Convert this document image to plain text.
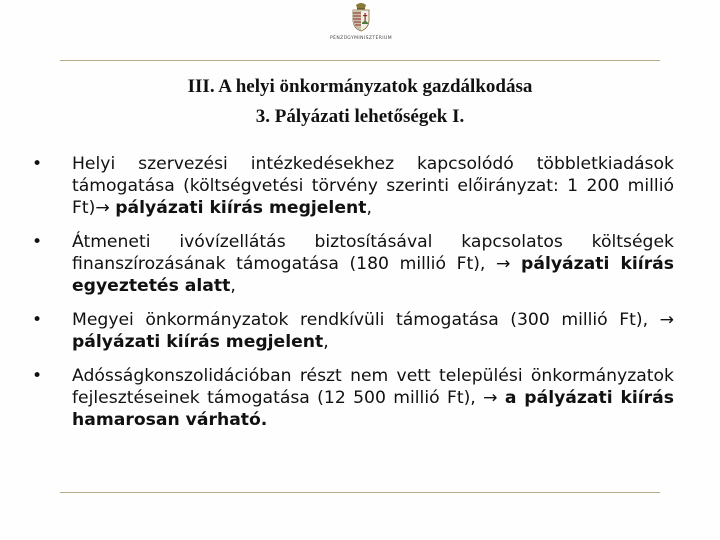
PÉNZÜGYMINISZTÉRIUM
III. A helyi önkormányzatok gazdálkodása
3. Pályázati lehetőségek I.
•	Helyi szervezési intézkedésekhez kapcsolódó többletkiadások támogatása (költségvetési törvény szerinti előirányzat: 1 200 millió Ft)→ pályázati kiírás megjelent,
•	Átmeneti ivóvízellátás biztosításával kapcsolatos költségek finanszírozásának támogatása (180 millió Ft), → pályázati kiírás egyeztetés alatt,
•	Megyei önkormányzatok rendkívüli támogatása (300 millió Ft), → pályázati kiírás megjelent,
•	Adósságkonszolidációban részt nem vett települési önkormányzatok fejlesztéseinek támogatása (12 500 millió Ft), → a pályázati kiírás hamarosan várható.
